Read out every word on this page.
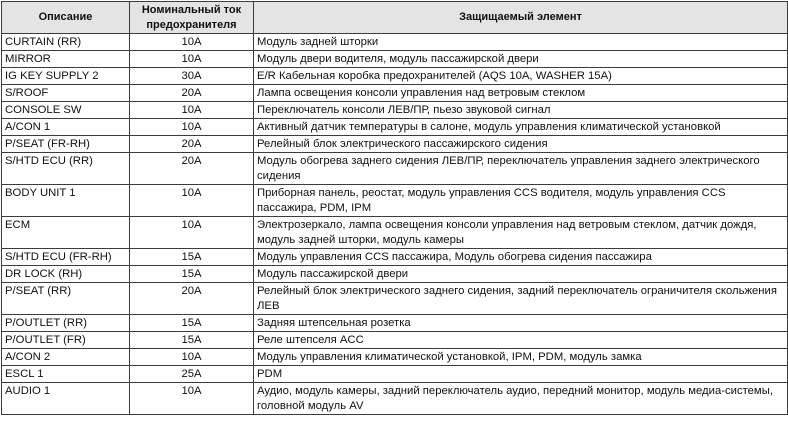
Описание	Номинальный ток предохранителя	Защищаемый элемент
CURTAIN (RR)	10A	Модуль задней шторки
MIRROR	10A	Модуль двери водителя, модуль пассажирской двери
IG KEY SUPPLY 2	30A	E/R Кабельная коробка предохранителей (AQS 10A, WASHER 15A)
S/ROOF	20A	Лампа освещения консоли управления над ветровым стеклом
CONSOLE SW	10A	Переключатель консоли ЛЕВ/ПР, пьезо звуковой сигнал
A/CON 1	10A	Активный датчик температуры в салоне, модуль управления климатической установкой
P/SEAT (FR-RH)	20A	Релейный блок электрического пассажирского сидения
S/HTD ECU (RR)	20A	Модуль обогрева заднего сидения ЛЕВ/ПР, переключатель управления заднего электрического сидения
BODY UNIT 1	10A	Приборная панель, реостат, модуль управления CCS водителя, модуль управления CCS пассажира, PDM, IPM
ECM	10A	Электрозеркало, лампа освещения консоли управления над ветровым стеклом, датчик дождя, модуль задней шторки, модуль камеры
S/HTD ECU (FR-RH)	15A	Модуль управления CCS пассажира, Модуль обогрева сидения пассажира
DR LOCK (RH)	15A	Модуль пассажирской двери
P/SEAT (RR)	20A	Релейный блок электрического заднего сидения, задний переключатель ограничителя скольжения ЛЕВ
P/OUTLET (RR)	15A	Задняя штепсельная розетка
P/OUTLET (FR)	15A	Реле штепселя ACC
A/CON 2	10A	Модуль управления климатической установкой, IPM, PDM, модуль замка
ESCL 1	25A	PDM
AUDIO 1	10A	Аудио, модуль камеры, задний переключатель аудио, передний монитор, модуль медиа-системы, головной модуль AV
